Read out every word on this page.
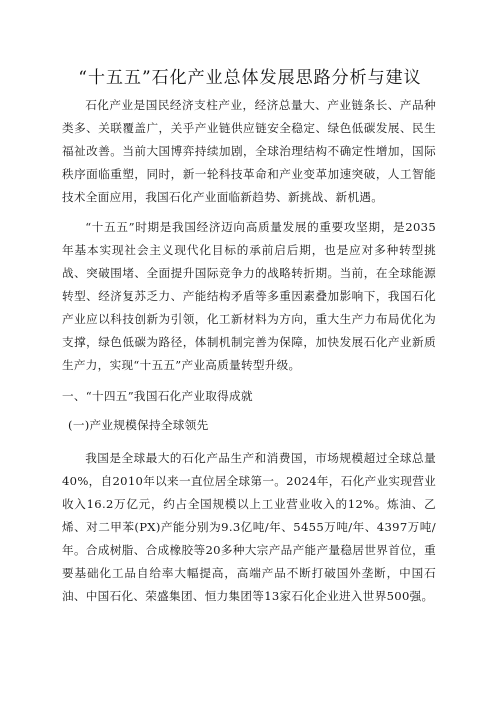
“十五五”石化产业总体发展思路分析与建议

石化产业是国民经济支柱产业，经济总量大、产业链条长、产品种类多、关联覆盖广，关乎产业链供应链安全稳定、绿色低碳发展、民生福祉改善。当前大国博弈持续加剧，全球治理结构不确定性增加，国际秩序面临重塑，同时，新一轮科技革命和产业变革加速突破，人工智能技术全面应用，我国石化产业面临新趋势、新挑战、新机遇。

“十五五”时期是我国经济迈向高质量发展的重要攻坚期，是2035年基本实现社会主义现代化目标的承前启后期，也是应对多种转型挑战、突破围堵、全面提升国际竞争力的战略转折期。当前，在全球能源转型、经济复苏乏力、产能结构矛盾等多重因素叠加影响下，我国石化产业应以科技创新为引领，化工新材料为方向，重大生产力布局优化为支撑，绿色低碳为路径，体制机制完善为保障，加快发展石化产业新质生产力，实现“十五五”产业高质量转型升级。

一、“十四五”我国石化产业取得成就

(一)产业规模保持全球领先

我国是全球最大的石化产品生产和消费国，市场规模超过全球总量40%，自2010年以来一直位居全球第一。2024年，石化产业实现营业收入16.2万亿元，约占全国规模以上工业营业收入的12%。炼油、乙烯、对二甲苯(PX)产能分别为9.3亿吨/年、5455万吨/年、4397万吨/年。合成树脂、合成橡胶等20多种大宗产品产能产量稳居世界首位，重要基础化工品自给率大幅提高，高端产品不断打破国外垄断，中国石油、中国石化、荣盛集团、恒力集团等13家石化企业进入世界500强。
